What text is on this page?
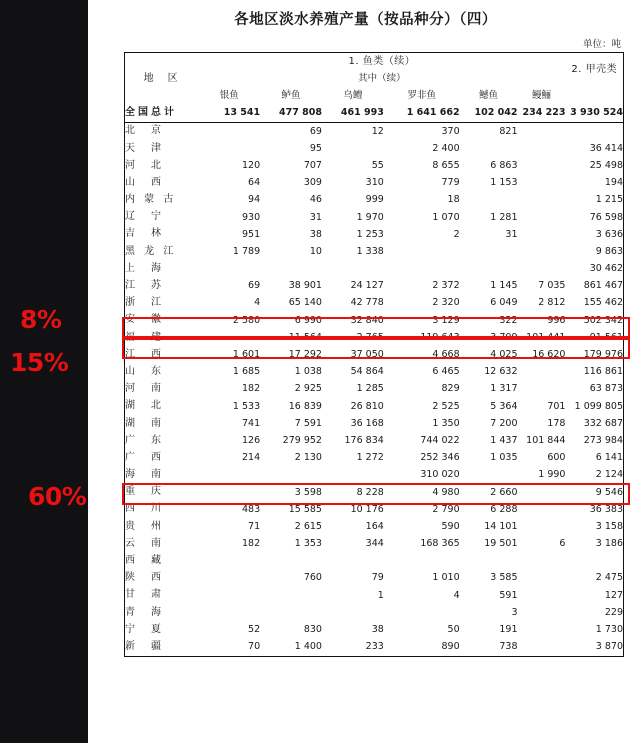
各地区淡水养殖产量（按品种分）（四）
单位：吨
地　区	1. 鱼类（续）						2. 甲壳类
	其中（续）						
	银鱼	鲈鱼	乌鳢	罗非鱼	鳡鱼	鳗鲡	
全国总计	13 541	477 808	461 993	1 641 662	102 042	234 223	3 930 524
北　京		69	12	370	821		
天　津		95		2 400			36 414
河　北	120	707	55	8 655	6 863		25 498
山　西	64	309	310	779	1 153		194
内 蒙 古	94	46	999	18			1 215
辽　宁	930	31	1 970	1 070	1 281		76 598
吉　林	951	38	1 253	2	31		3 636
黑 龙 江	1 789	10	1 338				9 863
上　海							30 462
江　苏	69	38 901	24 127	2 372	1 145	7 035	861 467
浙　江	4	65 140	42 778	2 320	6 049	2 812	155 462
安　徽	2 580	6 990	32 840	3 129	322	996	502 342
福　建		11 564	2 765	119 643	3 709	101 441	91 561
江　西	1 601	17 292	37 050	4 668	4 025	16 620	179 976
山　东	1 685	1 038	54 864	6 465	12 632		116 861
河　南	182	2 925	1 285	829	1 317		63 873
湖　北	1 533	16 839	26 810	2 525	5 364	701	1 099 805
湖　南	741	7 591	36 168	1 350	7 200	178	332 687
广　东	126	279 952	176 834	744 022	1 437	101 844	273 984
广　西	214	2 130	1 272	252 346	1 035	600	6 141
海　南				310 020		1 990	2 124
重　庆		3 598	8 228	4 980	2 660		9 546
四　川	483	15 585	10 176	2 790	6 288		36 383
贵　州	71	2 615	164	590	14 101		3 158
云　南	182	1 353	344	168 365	19 501	6	3 186
西　藏							
陕　西		760	79	1 010	3 585		2 475
甘　肃			1	4	591		127
青　海					3		229
宁　夏	52	830	38	50	191		1 730
新　疆	70	1 400	233	890	738		3 870
8%
15%
60%
